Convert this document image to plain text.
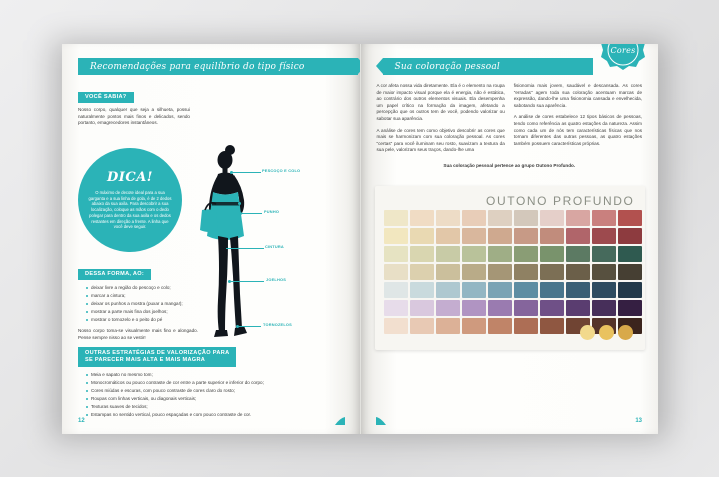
Recomendações para equilíbrio do tipo físico
VOCÊ SABIA?
Nosso corpo, qualquer que seja a silhueta, possui naturalmente pontos mais finos e delicados, sendo portanto, emagrecedores instantâneos.
DICA!

O máximo de decote ideal para a sua garganta e a sua linha de gola, é de 2 dedos abaixo da sua axila. Para descobrir a sua localização, coloque as mãos com o dedo polegar para dentro da sua axila e os dedos restantes em direção a frente. A linha que você deve seguir.

DESSA FORMA, AO:
deixar livre a região do pescoço e colo;
marcar a cintura;
deixar os punhos a mostra (puxar a manga!);
mostrar a parte mais fina dos joelhos;
mostrar o tornozelo e o peito do pé
Nosso corpo toma-se visualmente mais fino e alongado. Pense sempre nisso ao se vestir!
OUTRAS ESTRATÉGIAS DE VALORIZAÇÃO PARA
SE PARECER MAIS ALTA E MAIS MAGRA
Meia e sapato no mesmo tom;
Monocromáticos ou pouco contraste de cor entre a parte superior e inferior do corpo;
Cores miúdas e escuras, com pouco contraste de cores claro do rosto;
Roupas com linhas verticais, ou diagonais verticais;
Texturas suaves de tecidos;
Estampas no sentido vertical, pouco espaçadas e com pouco contraste de cor.
PESCOÇO E COLO
PUNHO
CINTURA
JOELHOS
TORNOZELOS
12
Sua coloração pessoal
Cores

A cor afeta nossa vida diretamente. Ela é o elemento na roupa de maior impacto visual porque ela é energia, não é estática, ao contrário dos outros elementos visuais. Ela desempenha um papel crítico na formação da imagem, afetando a percepção que os outros tem de você, podendo valorizar ou sabotar sua aparência.

A análise de cores tem como objetivo descobrir as cores que mais se harmonizam com sua coloração pessoal. As cores "certas" para você iluminam seu rosto, suavizam a textura da sua pele, valorizam seus traços, dando-lhe uma

fisionomia mais jovem, saudável e descansada. As cores "erradas" agem toda sua coloração acentuam marcas de expressão, dando-lhe uma fisionomia cansada e envelhecida, sabotando sua aparência.

A análise de cores estabelece 12 tipos básicos de pessoas, tendo como referência as quatro estações da natureza. Assim como cada um de nós tem características físicas que nos tornam diferentes das outras pessoas, as quatro estações também possuem características próprias.

Sua coloração pessoal pertence ao grupo Outono Profundo.
OUTONO PROFUNDO
13
